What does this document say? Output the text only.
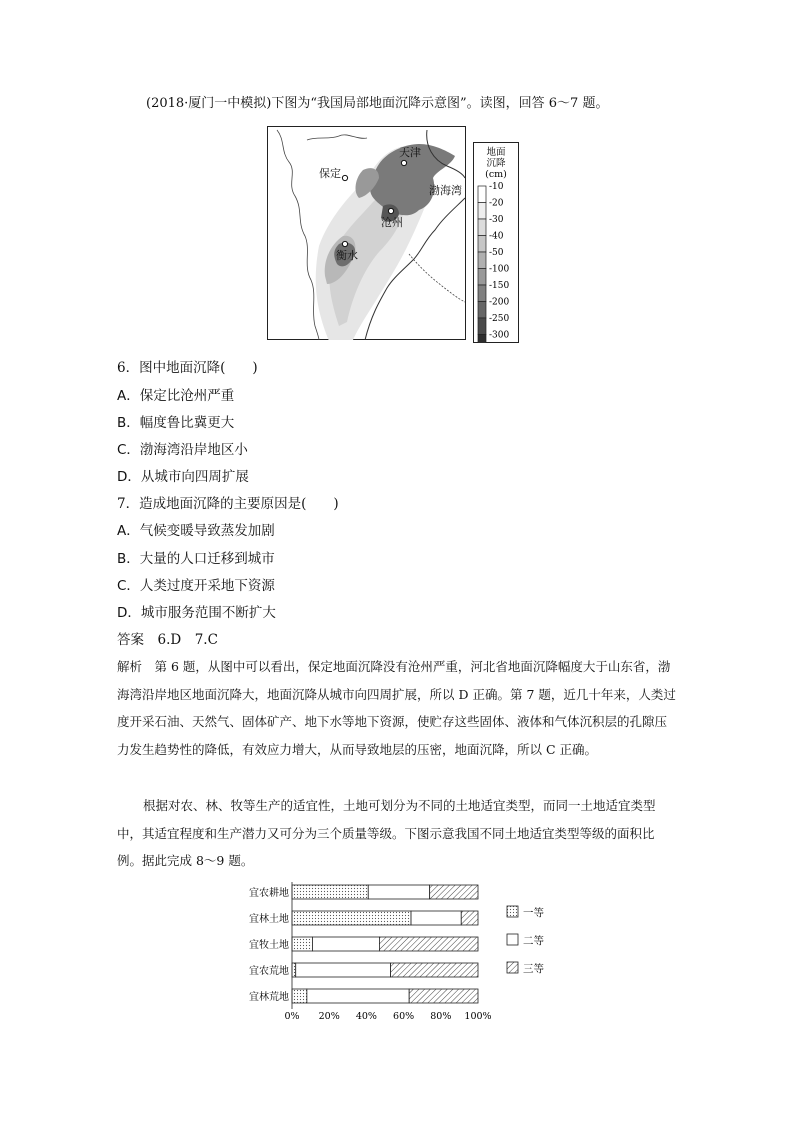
(2018·厦门一中模拟)下图为“我国局部地面沉降示意图”。读图，回答 6～7 题。
天津
保定
渤海湾
沧州
衡水
地面
沉降
(cm)
-10
-20
-30
-40
-50
-100
-150
-200
-250
-300
6．图中地面沉降(　　)
A．保定比沧州严重
B．幅度鲁比冀更大
C．渤海湾沿岸地区小
D．从城市向四周扩展
7．造成地面沉降的主要原因是(　　)
A．气候变暖导致蒸发加剧
B．大量的人口迁移到城市
C．人类过度开采地下资源
D．城市服务范围不断扩大
答案　 6.D　7.C
解析　 第 6 题，从图中可以看出，保定地面沉降没有沧州严重，河北省地面沉降幅度大于山东省，渤海湾沿岸地区地面沉降大，地面沉降从城市向四周扩展，所以 D 正确。第 7 题，近几十年来，人类过度开采石油、天然气、固体矿产、地下水等地下资源，使贮存这些固体、液体和气体沉积层的孔隙压力发生趋势性的降低，有效应力增大，从而导致地层的压密，地面沉降，所以 C 正确。
根据对农、林、牧等生产的适宜性，土地可划分为不同的土地适宜类型，而同一土地适宜类型中，其适宜程度和生产潜力又可分为三个质量等级。下图示意我国不同土地适宜类型等级的面积比例。据此完成 8～9 题。
宜农耕地
宜林土地
宜牧土地
宜农荒地
宜林荒地
0% 20% 40% 60% 80% 100%
一等
二等
三等
